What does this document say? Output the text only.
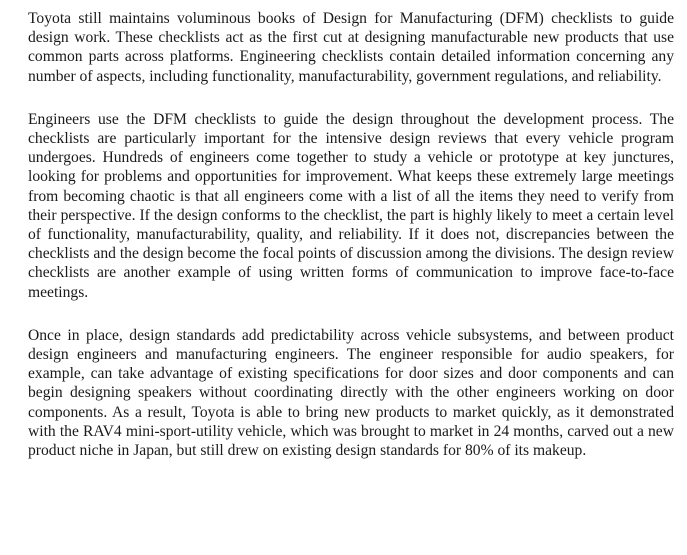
Toyota still maintains voluminous books of Design for Manufacturing (DFM) checklists to guide design work. These checklists act as the first cut at designing manufacturable new products that use common parts across platforms. Engineering checklists contain detailed information concerning any number of aspects, including functionality, manufacturability, government regulations, and reliability.

Engineers use the DFM checklists to guide the design throughout the development process. The checklists are particularly important for the intensive design reviews that every vehicle program undergoes. Hundreds of engineers come together to study a vehicle or prototype at key junctures, looking for problems and opportunities for improvement. What keeps these extremely large meetings from becoming chaotic is that all engineers come with a list of all the items they need to verify from their perspective. If the design conforms to the checklist, the part is highly likely to meet a certain level of functionality, manufacturability, quality, and reliability. If it does not, discrepancies between the checklists and the design become the focal points of discussion among the divisions. The design review checklists are another example of using written forms of communication to improve face-to-face meetings.

Once in place, design standards add predictability across vehicle subsystems, and between product design engineers and manufacturing engineers. The engineer responsible for audio speakers, for example, can take advantage of existing specifications for door sizes and door components and can begin designing speakers without coordinating directly with the other engineers working on door components. As a result, Toyota is able to bring new products to market quickly, as it demonstrated with the RAV4 mini-sport-utility vehicle, which was brought to market in 24 months, carved out a new product niche in Japan, but still drew on existing design standards for 80% of its makeup.
